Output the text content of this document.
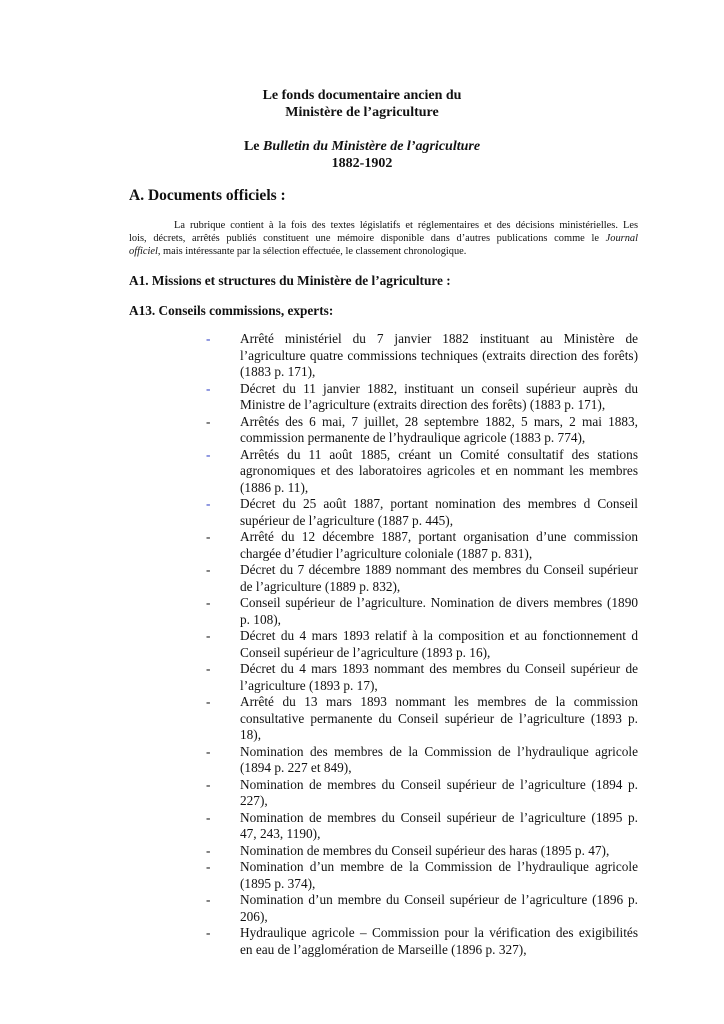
Le fonds documentaire ancien du
Ministère de l’agriculture
Le Bulletin du Ministère de l’agriculture
1882-1902
A. Documents officiels :
La rubrique contient à la fois des textes législatifs et réglementaires et des décisions ministérielles. Les
lois, décrets, arrêtés publiés constituent une mémoire disponible dans d’autres publications comme le Journal
officiel, mais intéressante par la sélection effectuée, le classement chronologique.
A1. Missions et structures du Ministère de l’agriculture :
A13. Conseils commissions, experts:
- Arrêté ministériel du 7 janvier 1882 instituant au Ministère de
l’agriculture quatre commissions techniques (extraits direction des forêts)
(1883 p. 171),
- Décret du 11 janvier 1882, instituant un conseil supérieur auprès du
Ministre de l’agriculture (extraits direction des forêts) (1883 p. 171),
- Arrêtés des 6 mai, 7 juillet, 28 septembre 1882, 5 mars, 2 mai 1883,
commission permanente de l’hydraulique agricole (1883 p. 774),
- Arrêtés du 11 août 1885, créant un Comité consultatif des stations
agronomiques et des laboratoires agricoles et en nommant les membres
(1886 p. 11),
- Décret du 25 août 1887, portant nomination des membres d Conseil
supérieur de l’agriculture (1887 p. 445),
- Arrêté du 12 décembre 1887, portant organisation d’une commission
chargée d’étudier l’agriculture coloniale (1887 p. 831),
- Décret du 7 décembre 1889 nommant des membres du Conseil supérieur
de l’agriculture (1889 p. 832),
- Conseil supérieur de l’agriculture. Nomination de divers membres (1890
p. 108),
- Décret du 4 mars 1893 relatif à la composition et au fonctionnement d
Conseil supérieur de l’agriculture (1893 p. 16),
- Décret du 4 mars 1893 nommant des membres du Conseil supérieur de
l’agriculture (1893 p. 17),
- Arrêté du 13 mars 1893 nommant les membres de la commission
consultative permanente du Conseil supérieur de l’agriculture (1893 p.
18),
- Nomination des membres de la Commission de l’hydraulique agricole
(1894 p. 227 et 849),
- Nomination de membres du Conseil supérieur de l’agriculture (1894 p.
227),
- Nomination de membres du Conseil supérieur de l’agriculture (1895 p.
47, 243, 1190),
- Nomination de membres du Conseil supérieur des haras (1895 p. 47),
- Nomination d’un membre de la Commission de l’hydraulique agricole
(1895 p. 374),
- Nomination d’un membre du Conseil supérieur de l’agriculture (1896 p.
206),
- Hydraulique agricole – Commission pour la vérification des exigibilités
en eau de l’agglomération de Marseille (1896 p. 327),
